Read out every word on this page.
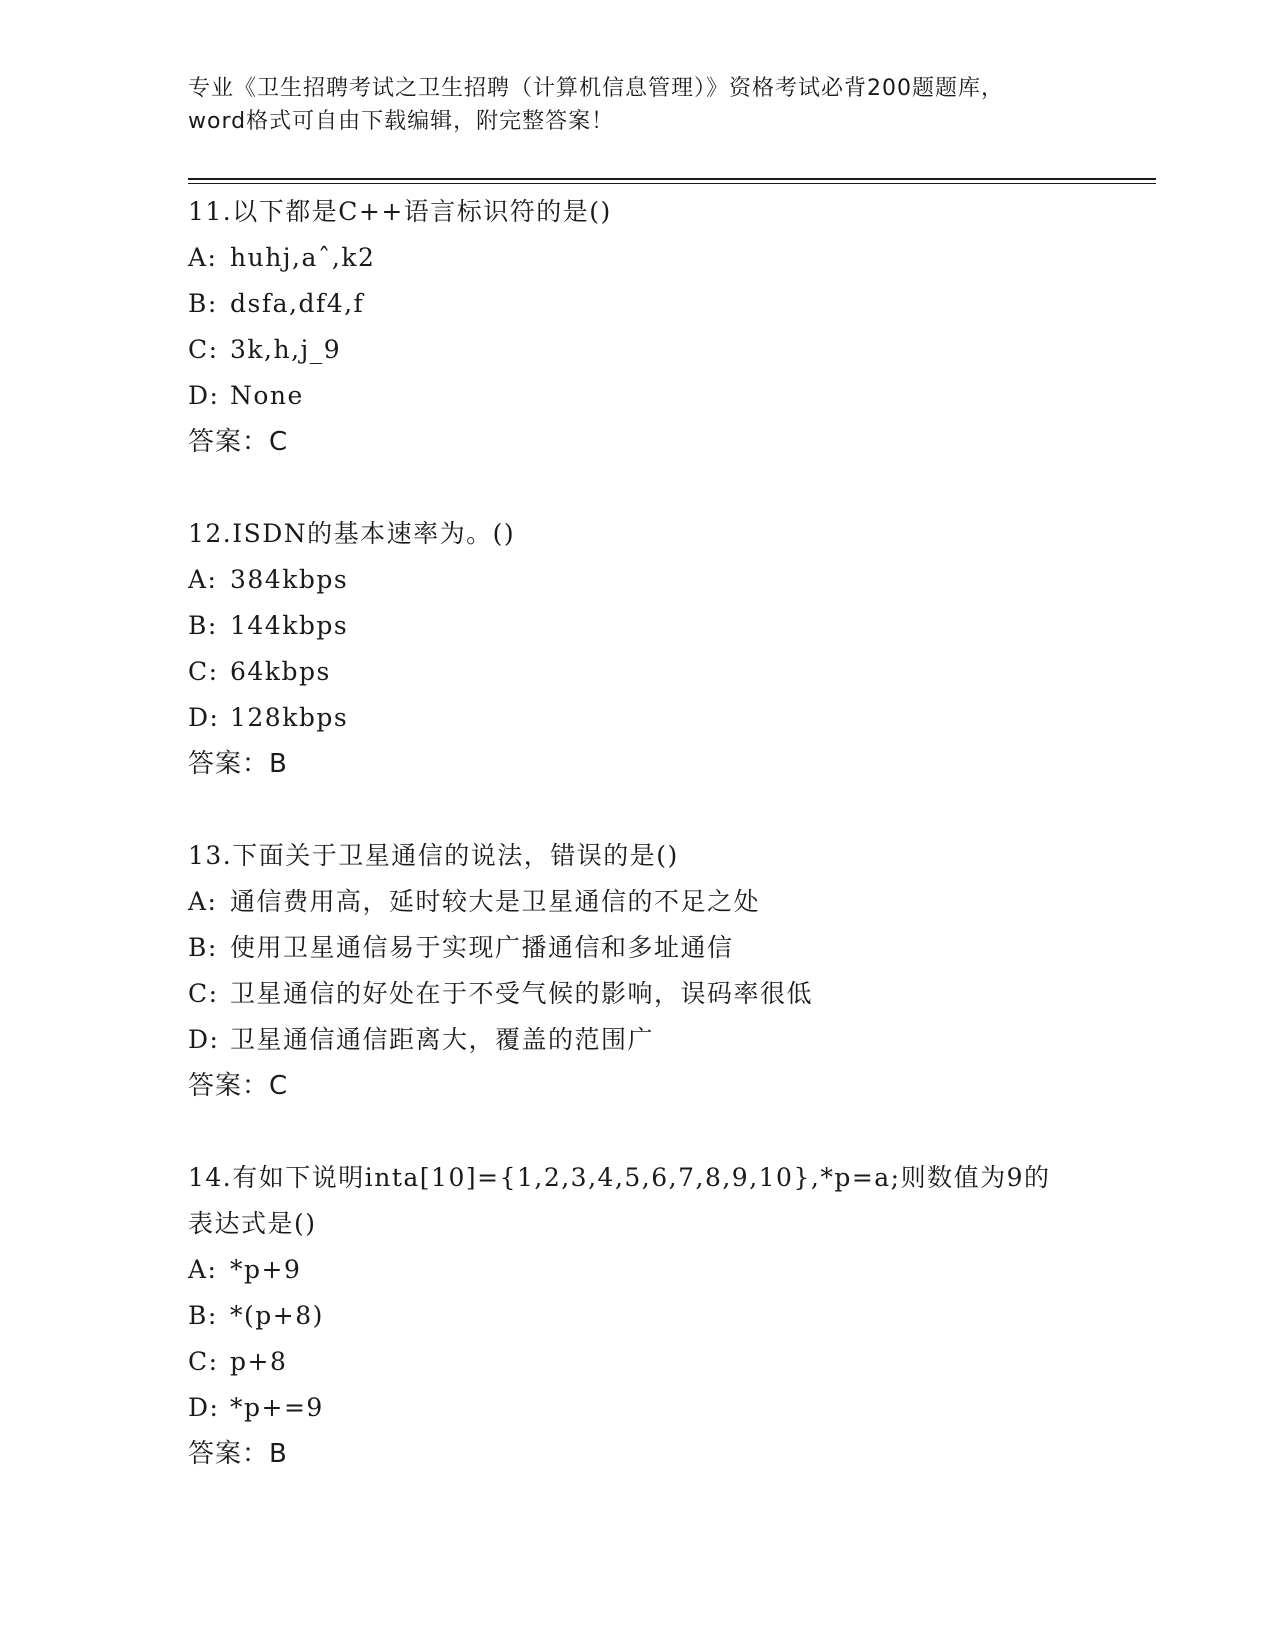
专业《卫生招聘考试之卫生招聘（计算机信息管理）》资格考试必背200题题库，
word格式可自由下载编辑，附完整答案！
11.以下都是C++语言标识符的是()
A: huhj,aˆ,k2
B: dsfa,df4,f
C: 3k,h,j_9
D: None
答案：C
12.ISDN的基本速率为。()
A: 384kbps
B: 144kbps
C: 64kbps
D: 128kbps
答案：B
13.下面关于卫星通信的说法，错误的是()
A: 通信费用高，延时较大是卫星通信的不足之处
B: 使用卫星通信易于实现广播通信和多址通信
C: 卫星通信的好处在于不受气候的影响，误码率很低
D: 卫星通信通信距离大，覆盖的范围广
答案：C
14.有如下说明inta[10]={1,2,3,4,5,6,7,8,9,10},*p=a;则数值为9的表达式是()
A: *p+9
B: *(p+8)
C: p+8
D: *p+=9
答案：B
